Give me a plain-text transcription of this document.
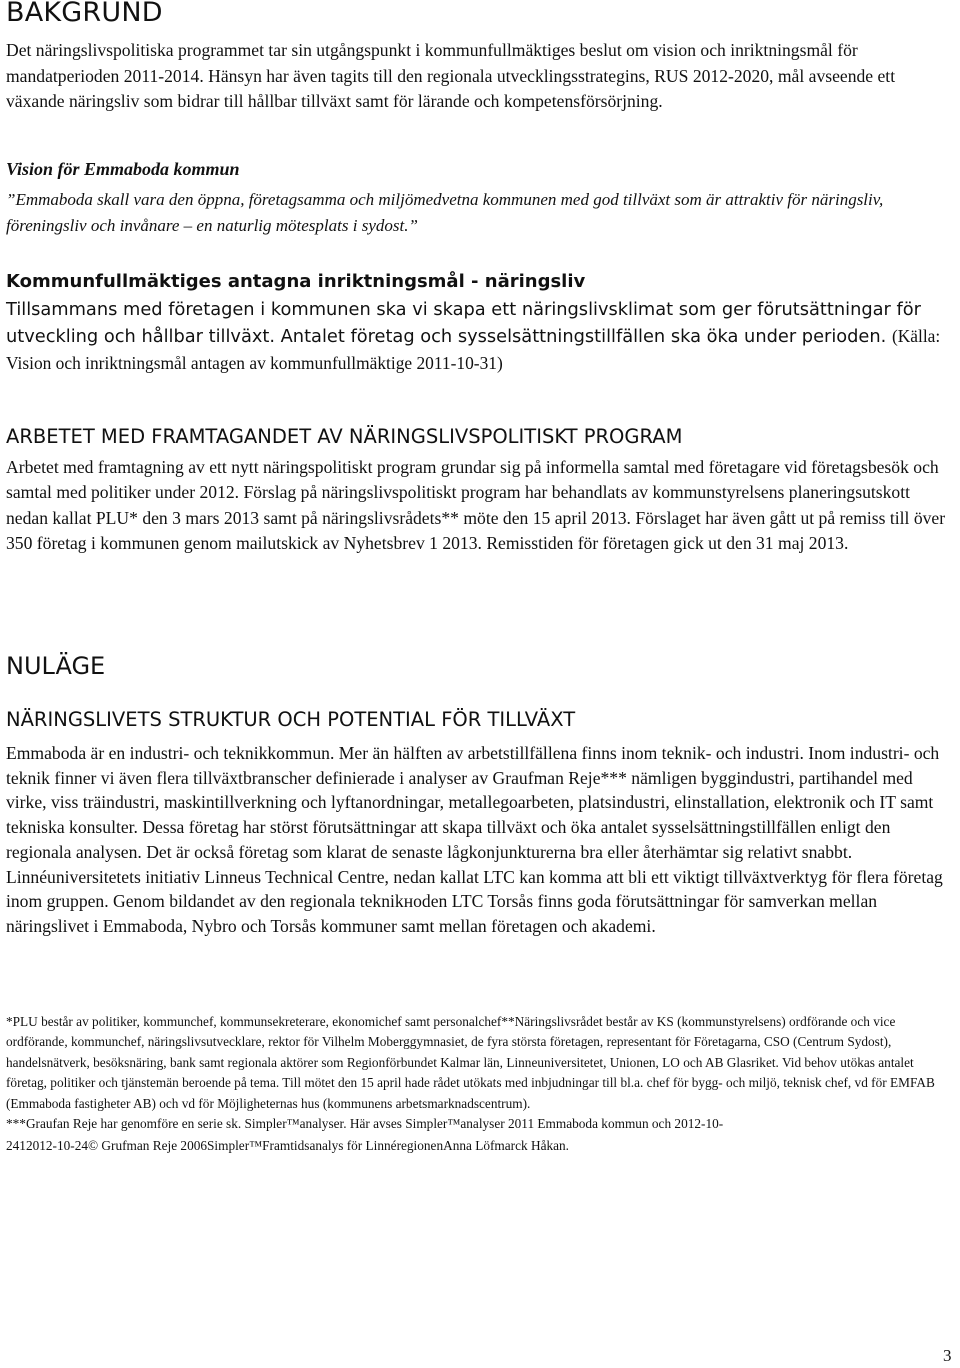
BAKGRUND

Det näringslivspolitiska programmet tar sin utgångspunkt i kommunfullmäktiges beslut om vision och inriktningsmål för mandatperioden 2011-2014. Hänsyn har även tagits till den regionala utvecklingsstrategins, RUS 2012-2020, mål avseende ett växande näringsliv som bidrar till hållbar tillväxt samt för lärande och kompetensförsörjning.

Vision för Emmaboda kommun

”Emmaboda skall vara den öppna, företagsamma och miljömedvetna kommunen med god tillväxt som är attraktiv för näringsliv, föreningsliv och invånare – en naturlig mötesplats i sydost.”

Kommunfullmäktiges antagna inriktningsmål - näringsliv

Tillsammans med företagen i kommunen ska vi skapa ett näringslivsklimat som ger förutsättningar för utveckling och hållbar tillväxt. Antalet företag och sysselsättningstillfällen ska öka under perioden. (Källa: Vision och inriktningsmål antagen av kommunfullmäktige 2011-10-31)

ARBETET MED FRAMTAGANDET AV NÄRINGSLIVSPOLITISKT PROGRAM

Arbetet med framtagning av ett nytt näringspolitiskt program grundar sig på informella samtal med företagare vid företagsbesök och samtal med politiker under 2012. Förslag på näringslivspolitiskt program har behandlats av kommunstyrelsens planeringsutskott nedan kallat PLU* den 3 mars 2013 samt på näringslivsrådets** möte den 15 april 2013. Förslaget har även gått ut på remiss till över 350 företag i kommunen genom mailutskick av Nyhetsbrev 1 2013. Remisstiden för företagen gick ut den 31 maj 2013.

NULÄGE
NÄRINGSLIVETS STRUKTUR OCH POTENTIAL FÖR TILLVÄXT

Emmaboda är en industri- och teknikkommun. Mer än hälften av arbetstillfällena finns inom teknik- och industri. Inom industri- och teknik finner vi även flera tillväxtbranscher definierade i analyser av Graufman Reje*** nämligen byggindustri, partihandel med virke, viss träindustri, maskintillverkning och lyftanordningar, metallegoarbeten, platsindustri, elinstallation, elektronik och IT samt tekniska konsulter. Dessa företag har störst förutsättningar att skapa tillväxt och öka antalet sysselsättningstillfällen enligt den regionala analysen. Det är också företag som klarat de senaste lågkonjunkturerna bra eller återhämtar sig relativt snabbt. Linnéuniversitetets initiativ Linneus Technical Centre, nedan kallat LTC kan komma att bli ett viktigt tillväxtverktyg för flera företag inom gruppen. Genom bildandet av den regionala teknikноden LTC Torsås finns goda förutsättningar för samverkan mellan näringslivet i Emmaboda, Nybro och Torsås kommuner samt mellan företagen och akademi.

*PLU består av politiker, kommunchef, kommunsekreterare, ekonomichef samt personalchef**Näringslivsrådet består av KS (kommunstyrelsens) ordförande och vice ordförande, kommunchef, näringslivsutvecklare, rektor för Vilhelm Moberggymnasiet, de fyra största företagen, representant för Företagarna, CSO (Centrum Sydost), handelsnätverk, besöksnäring, bank samt regionala aktörer som Regionförbundet Kalmar län, Linneuniversitetet, Unionen, LO och AB Glasriket. Vid behov utökas antalet företag, politiker och tjänstemän beroende på tema. Till mötet den 15 april hade rådet utökats med inbjudningar till bl.a. chef för bygg- och miljö, teknisk chef, vd för EMFAB (Emmaboda fastigheter AB) och vd för Möjligheternas hus (kommunens arbetsmarknadscentrum).

***Graufan Reje har genomföre en serie sk. Simpler™analyser. Här avses Simpler™analyser 2011 Emmaboda kommun och 2012-10-

2412012-10-24© Grufman Reje 2006Simpler™Framtidsanalys för LinnéregionenAnna Löfmarck Håkan.

3
